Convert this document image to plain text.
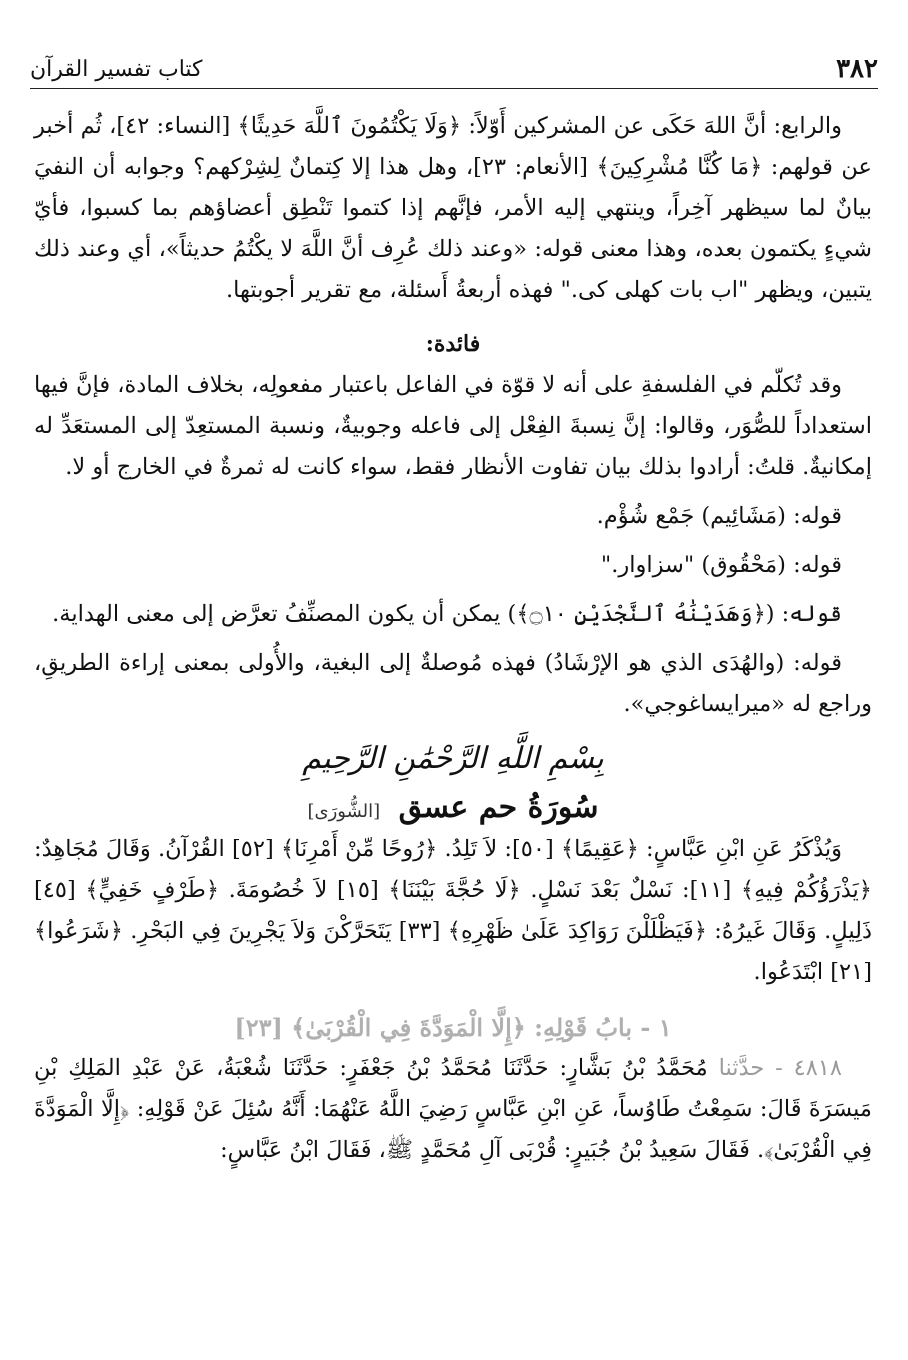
٣٨٢
كتاب تفسير القرآن

والرابع: أنَّ اللهَ حَكَى عن المشركين أَوّلاً: ﴿وَلَا يَكْتُمُونَ ٱللَّهَ حَدِيثًا﴾ [النساء: ٤٢]، ثُم أخبر عن قولهم: ﴿مَا كُنَّا مُشْرِكِينَ﴾ [الأنعام: ٢٣]، وهل هذا إلا كِتمانٌ لِشِرْكهم؟ وجوابه أن النفيَ بيانٌ لما سيظهر آخِراً، وينتهي إليه الأمر، فإنَّهم إذا كتموا تَنْطِق أعضاؤهم بما كسبوا، فأيّ شيءٍ يكتمون بعده، وهذا معنى قوله: «وعند ذلك عُرِف أنَّ اللَّهَ لا يكْتُمُ حديثاً»، أي وعند ذلك يتبين، ويظهر "اب بات كهلى كى." فهذه أربعةُ أَسئلة، مع تقرير أجوبتها.

فائدة:

وقد تُكلّم في الفلسفةِ على أنه لا قوّة في الفاعل باعتبار مفعولِه، بخلاف المادة، فإنَّ فيها استعداداً للصُّوَر، وقالوا: إنَّ نِسبةَ الفِعْل إلى فاعله وجوبيةٌ، ونسبة المستعِدّ إلى المستعَدِّ له إمكانيةٌ. قلتُ: أرادوا بذلك بيان تفاوت الأنظار فقط، سواء كانت له ثمرةٌ في الخارج أو لا.

قوله: (مَشَائِيم) جَمْع شُؤْم.

قوله: (مَحْقُوق) "سزاوار."

قوله: (﴿وَهَدَيْنَٰهُ ٱلنَّجْدَيْنِ ۝١٠﴾) يمكن أن يكون المصنِّفُ تعرَّض إلى معنى الهداية.

قوله: (والهُدَى الذي هو الإرْشَادُ) فهذه مُوصلةٌ إلى البغية، والأُولى بمعنى إراءة الطريقِ، وراجع له «ميرايساغوجي».

بِسْمِ اللَّهِ الرَّحْمَٰنِ الرَّحِيمِ
سُورَةُ حم عسق [الشُّورَى]

وَيُذْكَرُ عَنِ ابْنِ عَبَّاسٍ: ﴿عَقِيمًا﴾ [٥٠]: لاَ تَلِدُ. ﴿رُوحًا مِّنْ أَمْرِنَا﴾ [٥٢] القُرْآنُ. وَقَالَ مُجَاهِدٌ: ﴿يَذْرَؤُكُمْ فِيهِ﴾ [١١]: نَسْلٌ بَعْدَ نَسْلٍ. ﴿لَا حُجَّةَ بَيْنَنَا﴾ [١٥] لاَ خُصُومَةَ. ﴿طَرْفٍ خَفِيٍّ﴾ [٤٥] ذَلِيلٍ. وَقَالَ غَيرُهُ: ﴿فَيَظْلَلْنَ رَوَاكِدَ عَلَىٰ ظَهْرِهِ﴾ [٣٣] يَتَحَرَّكْنَ وَلاَ يَجْرِينَ فِي البَحْرِ. ﴿شَرَعُوا﴾ [٢١] ابْتَدَعُوا.

١ - بابُ قَوْلِهِ: ﴿إِلَّا الْمَوَدَّةَ فِي الْقُرْبَىٰ﴾ [٢٣]

٤٨١٨ - حدَّثنا مُحَمَّدُ بْنُ بَشَّارٍ: حَدَّثَنَا مُحَمَّدُ بْنُ جَعْفَرٍ: حَدَّثَنَا شُعْبَةُ، عَنْ عَبْدِ المَلِكِ بْنِ مَيسَرَةَ قَالَ: سَمِعْتُ طَاوُساً، عَنِ ابْنِ عَبَّاسٍ رَضِيَ اللَّهُ عَنْهُمَا: أَنَّهُ سُئِلَ عَنْ قَوْلِهِ: ﴿إِلَّا الْمَوَدَّةَ فِي الْقُرْبَىٰ﴾. فَقَالَ سَعِيدُ بْنُ جُبَيرٍ: قُرْبَى آلِ مُحَمَّدٍ ﷺ، فَقَالَ ابْنُ عَبَّاسٍ:
